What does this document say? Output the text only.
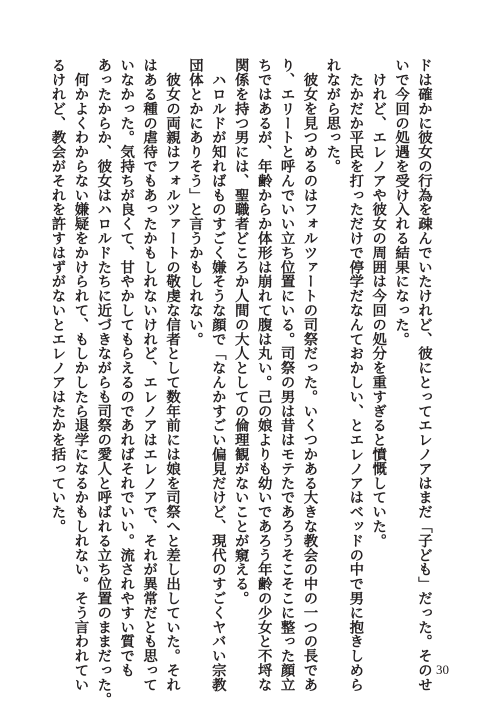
ドは確かに彼女の行為を疎んでいたけれど、彼にとってエレノアはまだ「子ども」だった。そのせ
いで今回の処遇を受け入れる結果になった。
　けれど、エレノアや彼女の周囲は今回の処分を重すぎると憤慨していた。
　たかだか平民を打っただけで停学だなんておかしい、とエレノアはベッドの中で男に抱きしめら
れながら思った。
　彼女を見つめるのはフォルツァートの司祭だった。いくつかある大きな教会の中の一つの長であ
り、エリートと呼んでいい立ち位置にいる。司祭の男は昔はモテたであろうそこそこに整った顔立
ちではあるが、年齢からか体形は崩れて腹は丸い。己の娘よりも幼いであろう年齢の少女と不埒な
関係を持つ男には、聖職者どころか人間の大人としての倫理観がないことが窺える。
　ハロルドが知ればものすごく嫌そうな顔で「なんかすごい偏見だけど、現代のすごくヤバい宗教
団体とかにありそう」と言うかもしれない。
　彼女の両親はフォルツァートの敬虔な信者として数年前には娘を司祭へと差し出していた。それ
はある種の虐待でもあったかもしれないけれど、エレノアはエレノアで、それが異常だとも思って
いなかった。気持ちが良くて、甘やかしてもらえるのであればそれでいい。流されやすい質でも
あったからか、彼女はハロルドたちに近づきながらも司祭の愛人と呼ばれる立ち位置のままだった。
　何かよくわからない嫌疑をかけられて、もしかしたら退学になるかもしれない。そう言われてい
るけれど、教会がそれを許すはずがないとエレノアはたかを括っていた。
30
